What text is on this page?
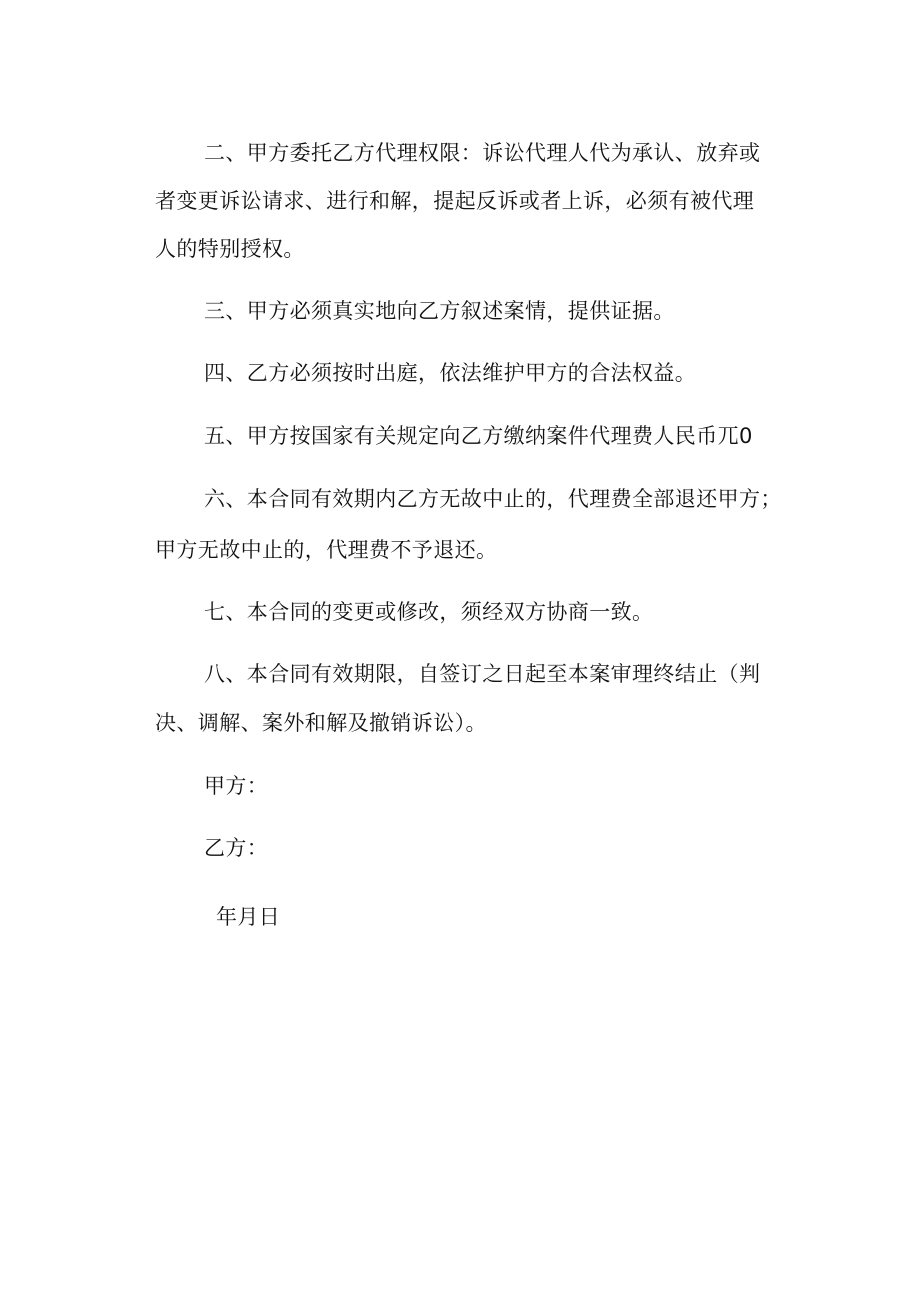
二、甲方委托乙方代理权限：诉讼代理人代为承认、放弃或
者变更诉讼请求、进行和解，提起反诉或者上诉，必须有被代理
人的特别授权。
三、甲方必须真实地向乙方叙述案情，提供证据。
四、乙方必须按时出庭，依法维护甲方的合法权益。
五、甲方按国家有关规定向乙方缴纳案件代理费人民币兀0
六、本合同有效期内乙方无故中止的，代理费全部退还甲方；
甲方无故中止的，代理费不予退还。
七、本合同的变更或修改，须经双方协商一致。
八、本合同有效期限，自签订之日起至本案审理终结止（判
决、调解、案外和解及撤销诉讼）。
甲方：
乙方：
年月日
